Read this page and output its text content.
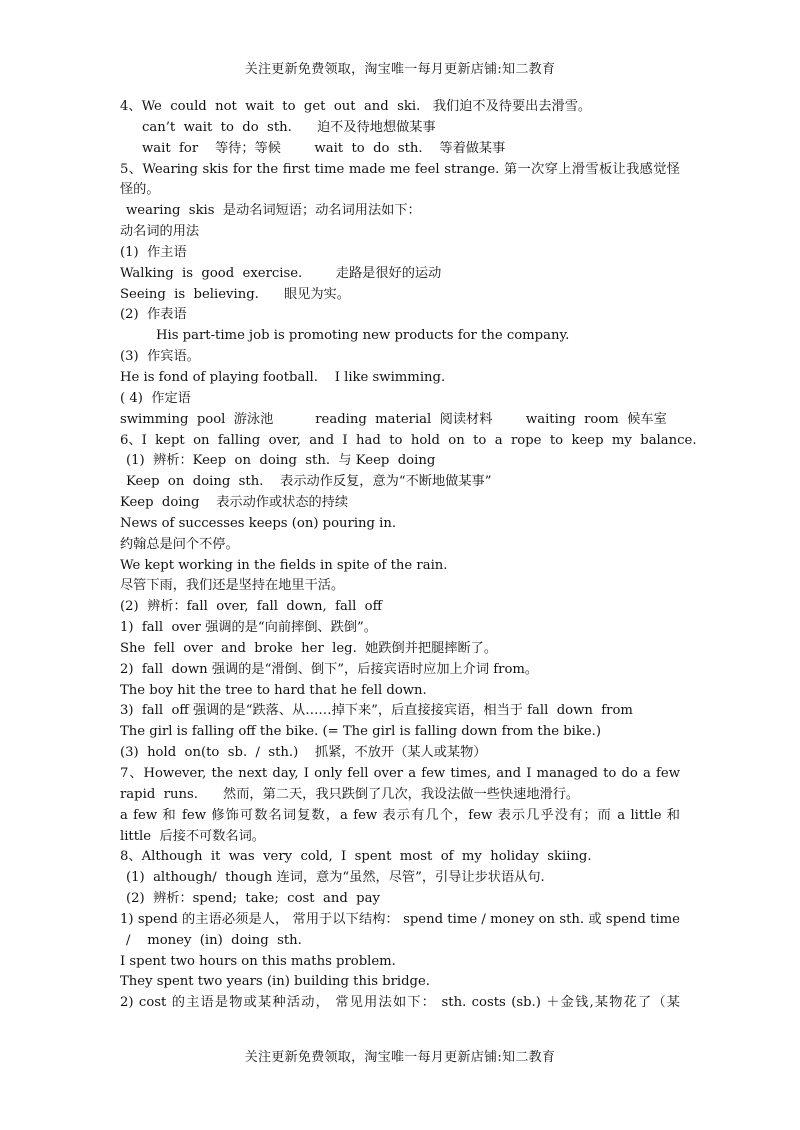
关注更新免费领取，淘宝唯一每月更新店铺:知二教育
4、We  could  not  wait  to  get  out  and  ski.   我们迫不及待要出去滑雪。
can’t  wait  to  do  sth.      迫不及待地想做某事
wait  for    等待；等候        wait  to  do  sth.    等着做某事
5、Wearing skis for the first time made me feel strange. 第一次穿上滑雪板让我感觉怪
怪的。
wearing  skis  是动名词短语；动名词用法如下：
动名词的用法
(1)  作主语
Walking  is  good  exercise.        走路是很好的运动
Seeing  is  believing.      眼见为实。
(2)  作表语
His part-time job is promoting new products for the company.
(3)  作宾语。
He is fond of playing football.    I like swimming.
( 4)  作定语
swimming  pool  游泳池          reading  material  阅读材料        waiting  room  候车室
6、I  kept  on  falling  over,  and  I  had  to  hold  on  to  a  rope  to  keep  my  balance.
(1)  辨析：Keep  on  doing  sth.  与 Keep  doing
Keep  on  doing  sth.    表示动作反复，意为“不断地做某事”
Keep  doing    表示动作或状态的持续
News of successes keeps (on) pouring in.
约翰总是问个不停。
We kept working in the fields in spite of the rain.
尽管下雨，我们还是坚持在地里干活。
(2)  辨析：fall  over,  fall  down,  fall  off
1)  fall  over 强调的是“向前摔倒、跌倒”。
She  fell  over  and  broke  her  leg.  她跌倒并把腿摔断了。
2)  fall  down 强调的是“滑倒、倒下”，后接宾语时应加上介词 from。
The boy hit the tree to hard that he fell down.
3)  fall  off 强调的是“跌落、从……掉下来”，后直接接宾语，相当于 fall  down  from
The girl is falling off the bike. (= The girl is falling down from the bike.)
(3)  hold  on(to  sb.  /  sth.)    抓紧，不放开（某人或某物）
7、However, the next day, I only fell over a few times, and I managed to do a few
rapid  runs.      然而，第二天，我只跌倒了几次，我设法做一些快速地滑行。
a few 和 few 修饰可数名词复数，a few 表示有几个，few 表示几乎没有；而 a little 和
little  后接不可数名词。
8、Although  it  was  very  cold,  I  spent  most  of  my  holiday  skiing.
(1)  although/  though 连词，意为“虽然，尽管”，引导让步状语从句.
(2)  辨析：spend;  take;  cost  and  pay
1) spend 的主语必须是人， 常用于以下结构： spend time / money on sth. 或 spend time
/    money  (in)  doing  sth.
I spent two hours on this maths problem.
They spent two years (in) building this bridge.
2) cost 的主语是物或某种活动， 常见用法如下： sth. costs (sb.) ＋金钱,某物花了（某
关注更新免费领取，淘宝唯一每月更新店铺:知二教育
